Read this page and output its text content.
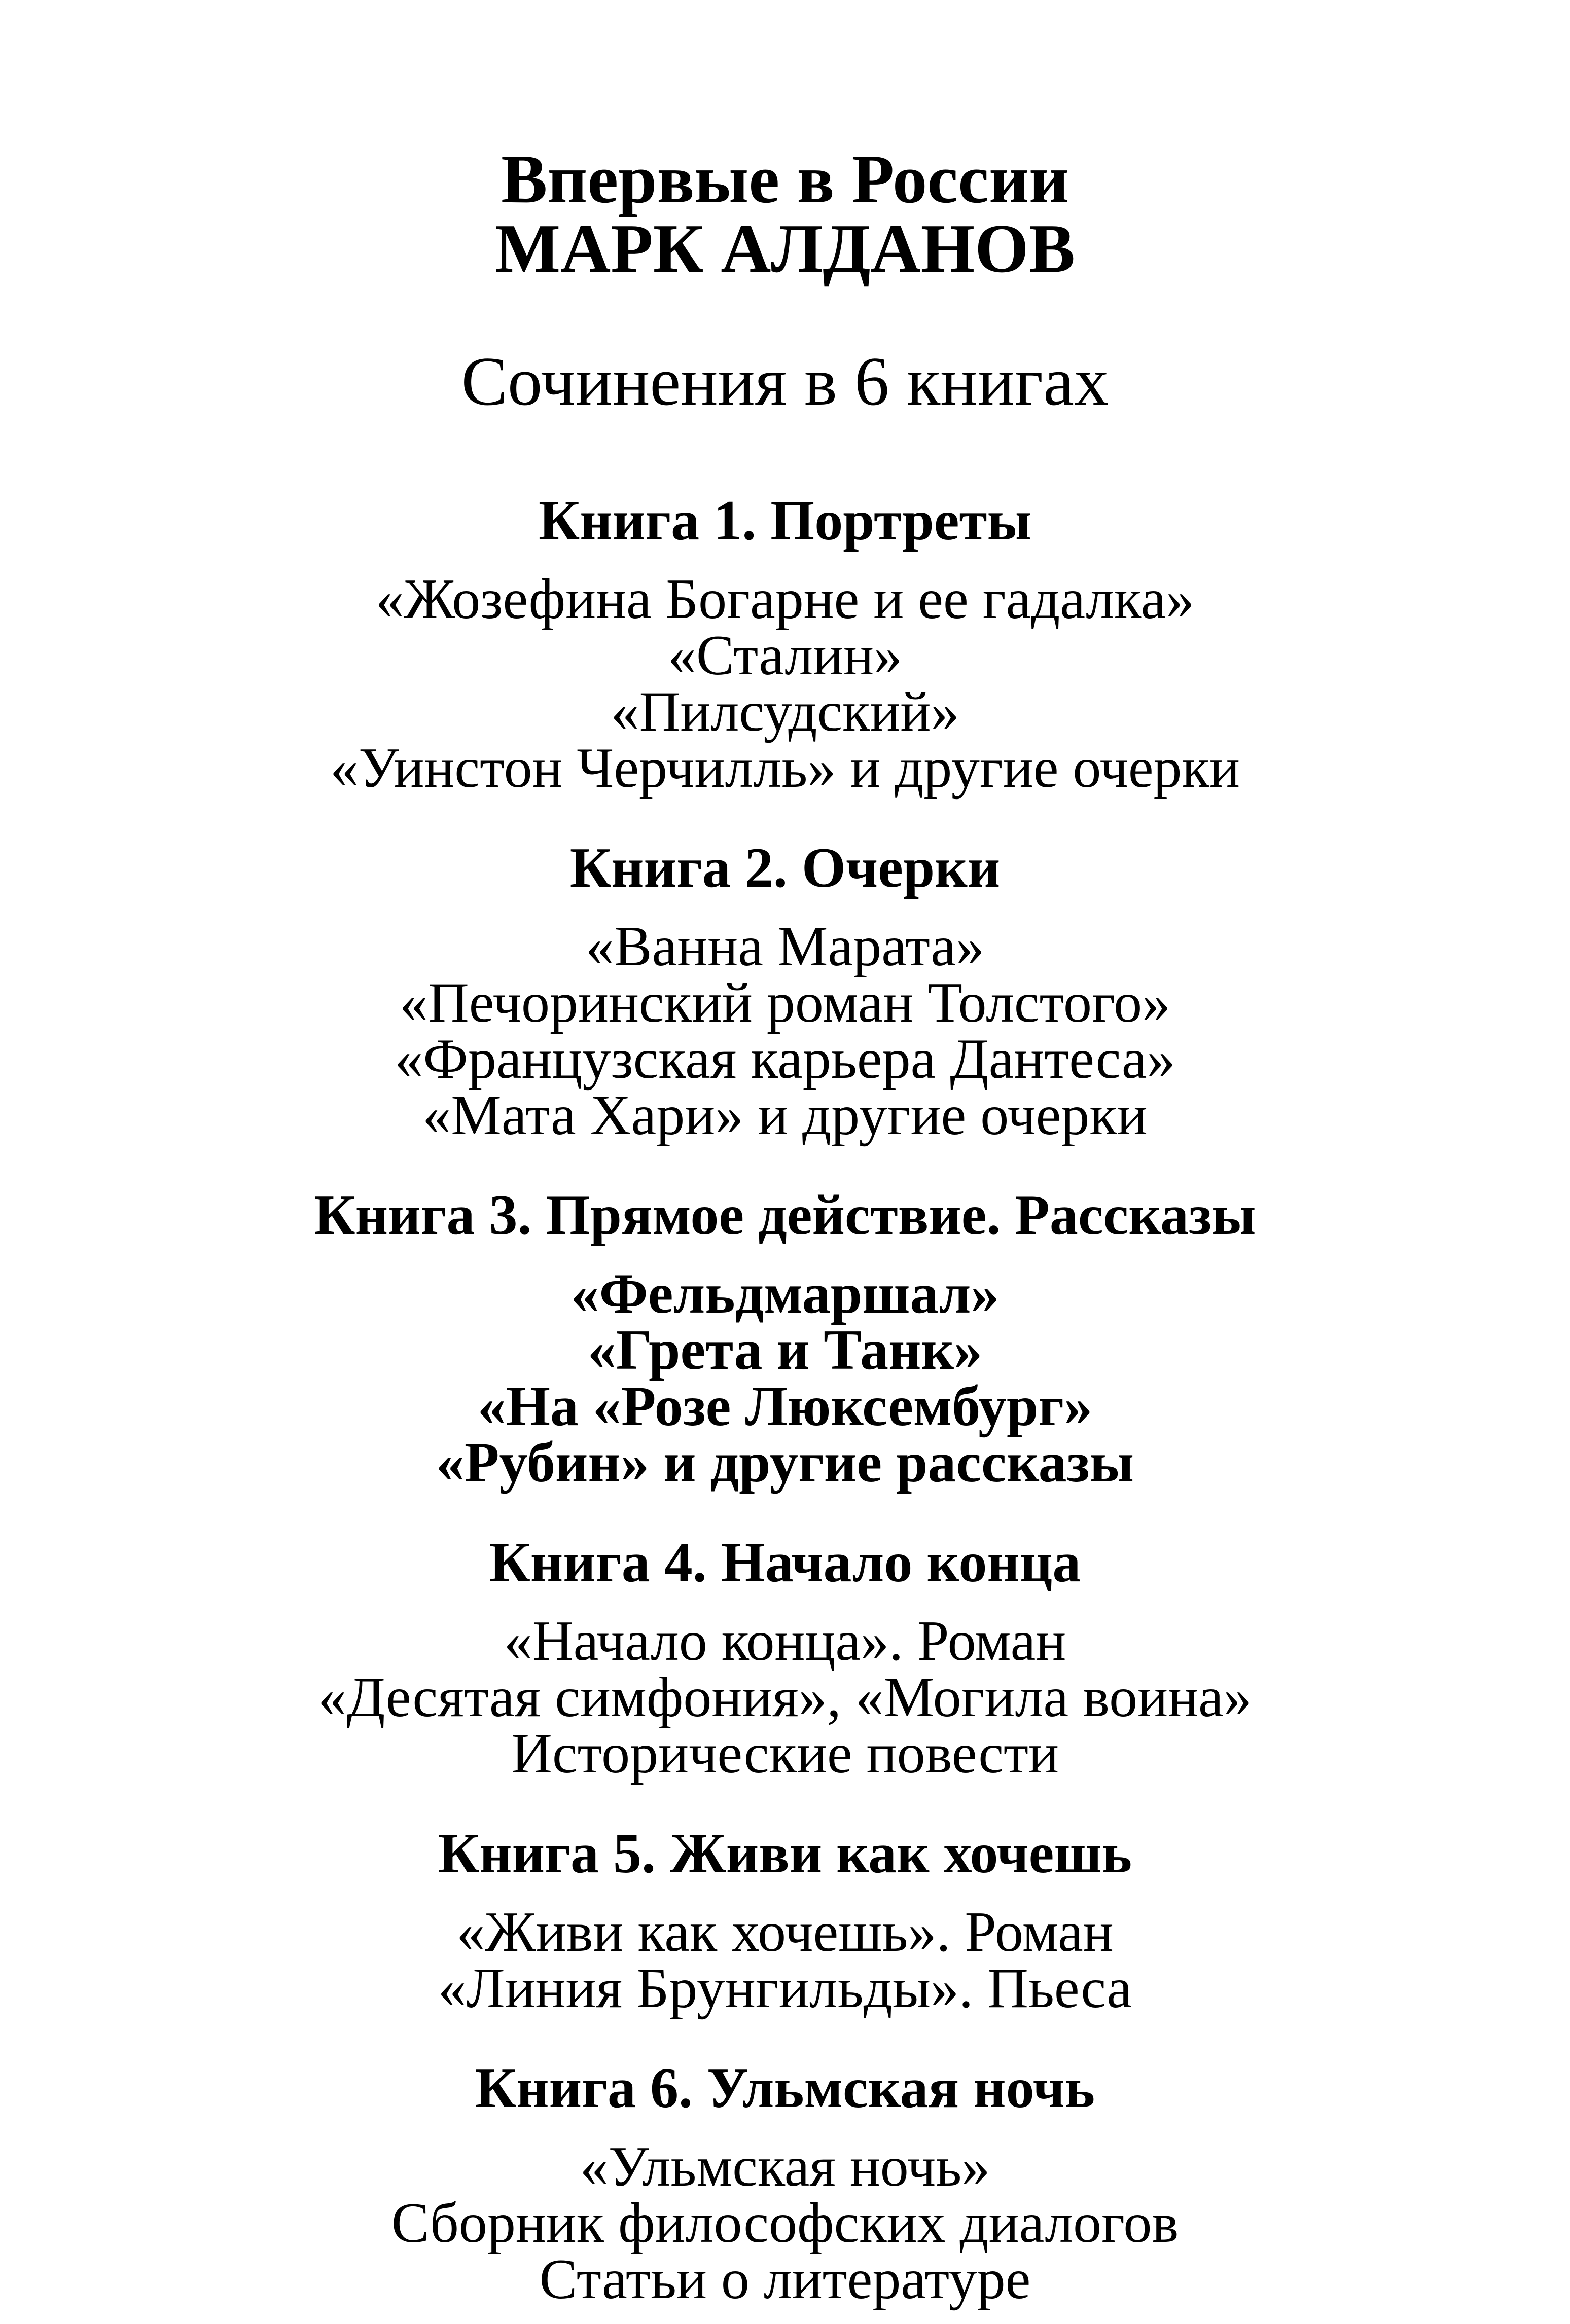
Впервые в России
МАРК АЛДАНОВ
Сочинения в 6 книгах
Книга 1. Портреты
«Жозефина Богарне и ее гадалка»
«Сталин»
«Пилсудский»
«Уинстон Черчилль» и другие очерки
Книга 2. Очерки
«Ванна Марата»
«Печоринский роман Толстого»
«Французская карьера Дантеса»
«Мата Хари» и другие очерки
Книга 3. Прямое действие. Рассказы
«Фельдмаршал»
«Грета и Танк»
«На «Розе Люксембург»
«Рубин» и другие рассказы
Книга 4. Начало конца
«Начало конца». Роман
«Десятая симфония», «Могила воина»
Исторические повести
Книга 5. Живи как хочешь
«Живи как хочешь». Роман
«Линия Брунгильды». Пьеса
Книга 6. Ульмская ночь
«Ульмская ночь»
Сборник философских диалогов
Статьи о литературе
